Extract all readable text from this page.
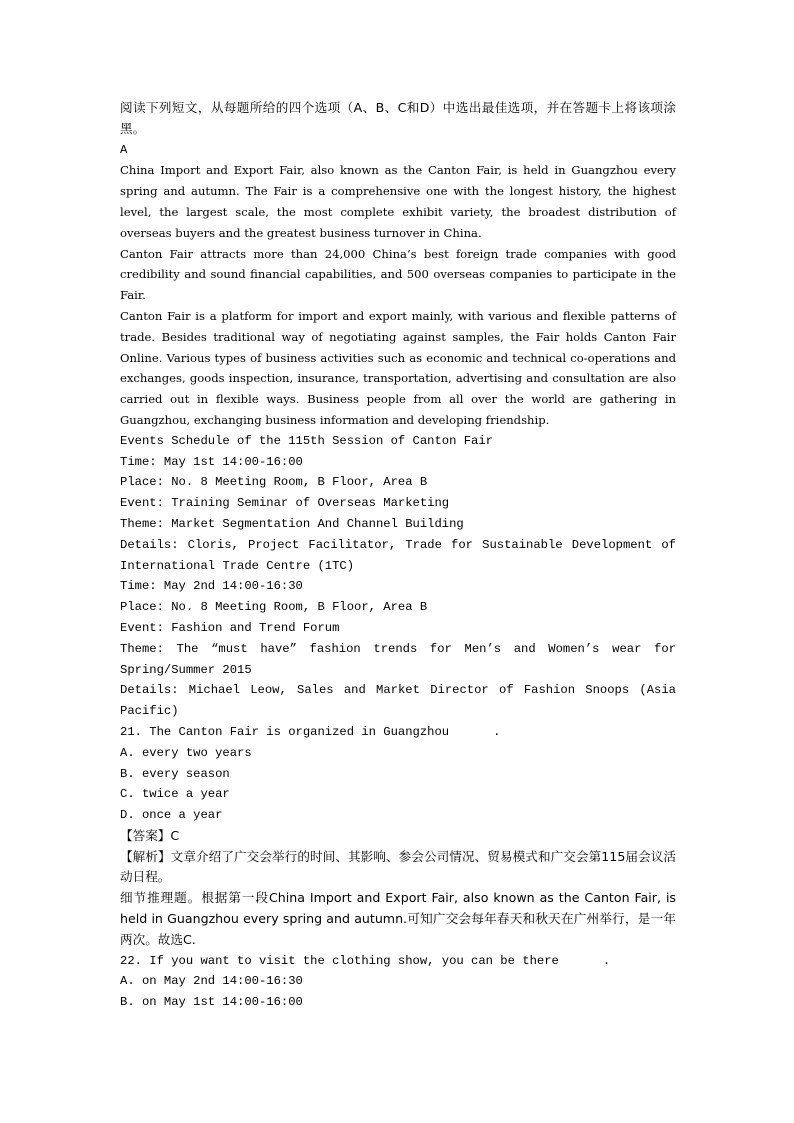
阅读下列短文，从每题所给的四个选项（A、B、C和D）中选出最佳选项，并在答题卡上将该项涂黑。

A

China Import and Export Fair, also known as the Canton Fair, is held in Guangzhou every spring and autumn. The Fair is a comprehensive one with the longest history, the highest level, the largest scale, the most complete exhibit variety, the broadest distribution of overseas buyers and the greatest business turnover in China.

Canton Fair attracts more than 24,000 China’s best foreign trade companies with good credibility and sound financial capabilities, and 500 overseas companies to participate in the Fair.

Canton Fair is a platform for import and export mainly, with various and flexible patterns of trade. Besides traditional way of negotiating against samples, the Fair holds Canton Fair Online. Various types of business activities such as economic and technical co-operations and exchanges, goods inspection, insurance, transportation, advertising and consultation are also carried out in flexible ways. Business people from all over the world are gathering in Guangzhou, exchanging business information and developing friendship.

Events Schedule of the 115th Session of Canton Fair

Time: May 1st 14:00-16:00

Place: No. 8 Meeting Room, B Floor, Area B

Event: Training Seminar of Overseas Marketing

Theme: Market Segmentation And Channel Building

Details: Cloris, Project Facilitator, Trade for Sustainable Development of International Trade Centre (1TC)

Time: May 2nd 14:00-16:30

Place: No. 8 Meeting Room, B Floor, Area B

Event: Fashion and Trend Forum

Theme: The “must have” fashion trends for Men’s and Women’s wear for Spring/Summer 2015

Details: Michael Leow, Sales and Market Director of Fashion Snoops (Asia Pacific)

21. The Canton Fair is organized in Guangzhou	.

A. every two years

B. every season

C. twice a year

D. once a year

【答案】C

【解析】文章介绍了广交会举行的时间、其影响、参会公司情况、贸易模式和广交会第115届会议活动日程。

细节推理题。根据第一段China Import and Export Fair, also known as the Canton Fair, is held in Guangzhou every spring and autumn.可知广交会每年春天和秋天在广州举行，是一年两次。故选C.

22. If you want to visit the clothing show, you can be there	.

A. on May 2nd 14:00-16:30

B. on May 1st 14:00-16:00
